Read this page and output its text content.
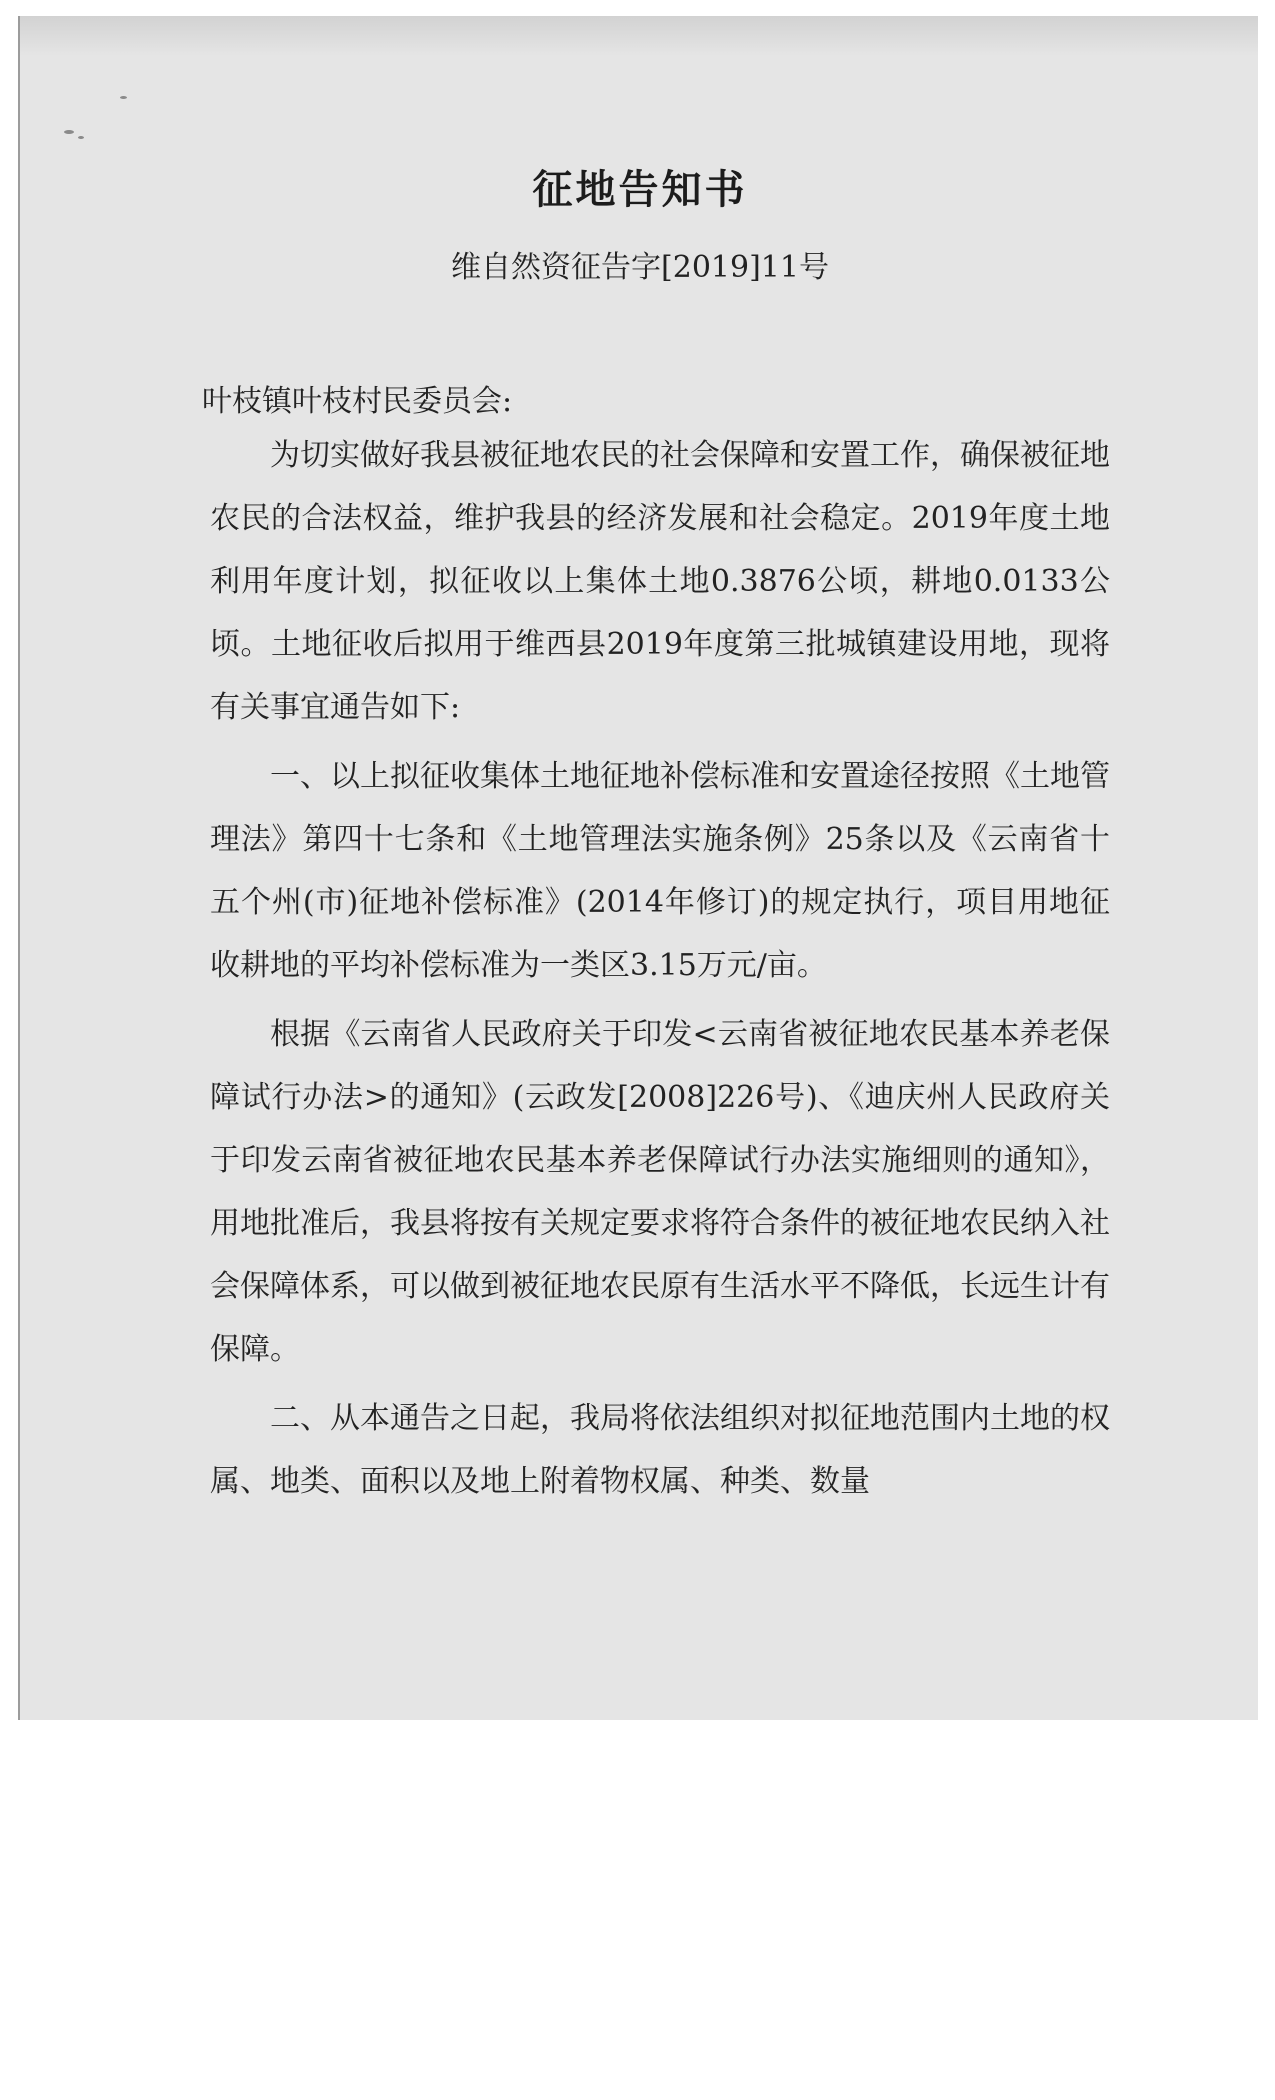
征地告知书
维自然资征告字[2019]11号
叶枝镇叶枝村民委员会:

为切实做好我县被征地农民的社会保障和安置工作，确保被征地农民的合法权益，维护我县的经济发展和社会稳定。2019年度土地利用年度计划，拟征收以上集体土地0.3876公顷，耕地0.0133公顷。土地征收后拟用于维西县2019年度第三批城镇建设用地，现将有关事宜通告如下:

一、以上拟征收集体土地征地补偿标准和安置途径按照《土地管理法》第四十七条和《土地管理法实施条例》25条以及《云南省十五个州(市)征地补偿标准》(2014年修订)的规定执行，项目用地征收耕地的平均补偿标准为一类区3.15万元/亩。

根据《云南省人民政府关于印发<云南省被征地农民基本养老保障试行办法>的通知》(云政发[2008]226号)、《迪庆州人民政府关于印发云南省被征地农民基本养老保障试行办法实施细则的通知》，用地批准后，我县将按有关规定要求将符合条件的被征地农民纳入社会保障体系，可以做到被征地农民原有生活水平不降低，长远生计有保障。

二、从本通告之日起，我局将依法组织对拟征地范围内土地的权属、地类、面积以及地上附着物权属、种类、数量
